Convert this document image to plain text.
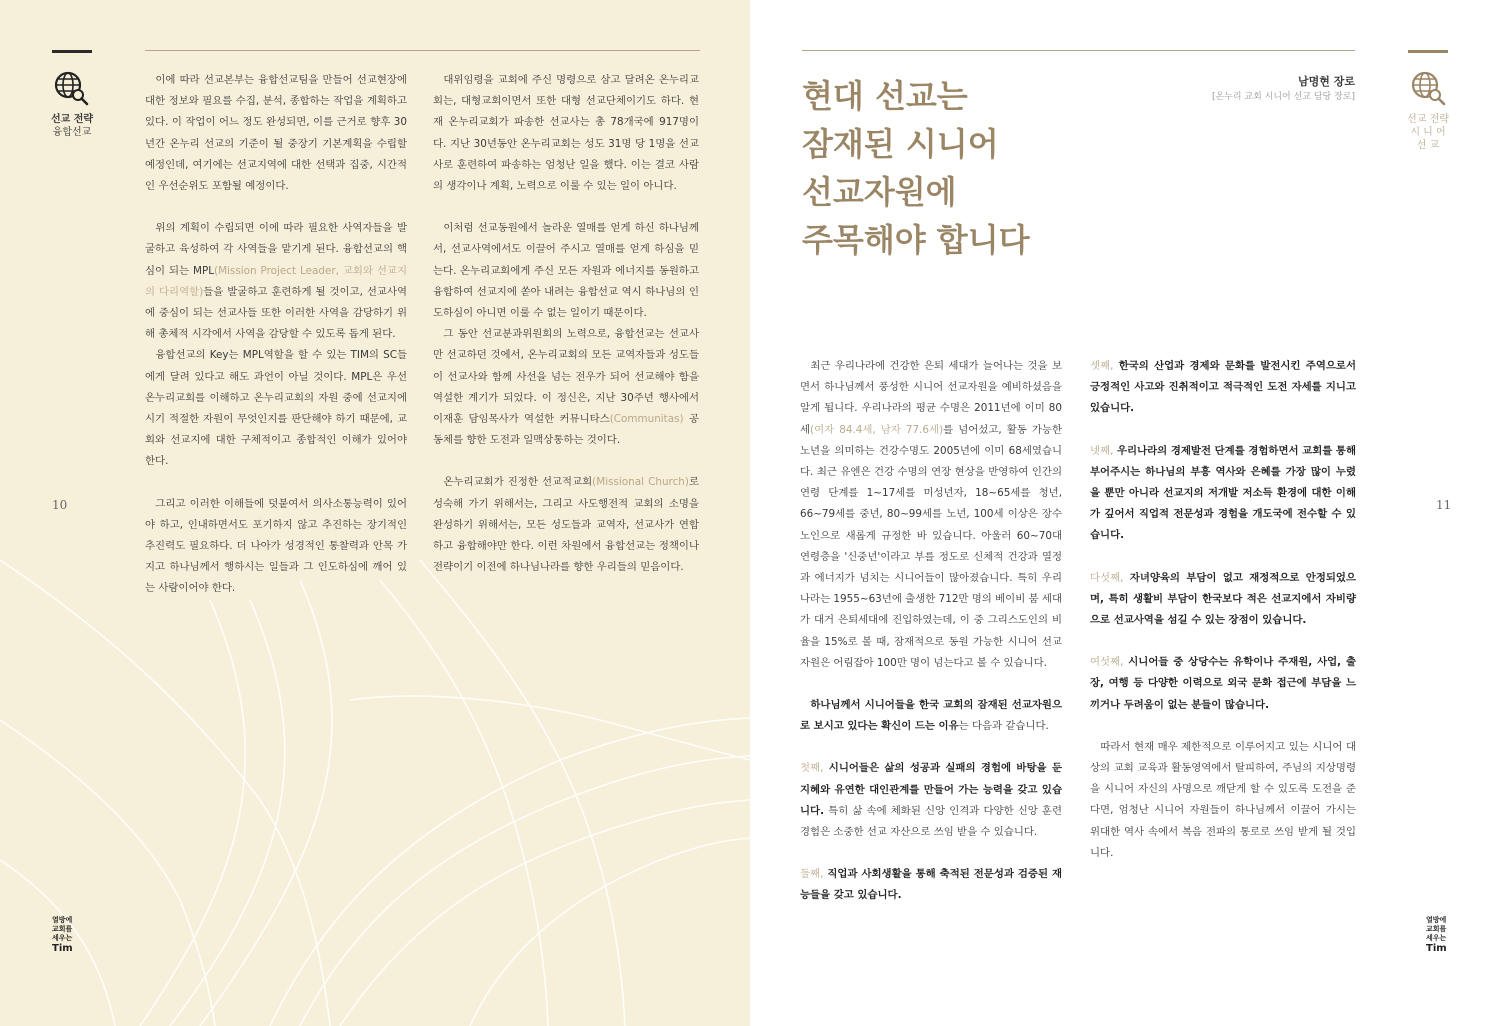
선교 전략
융합선교
10
열방에
교회를
세우는
Tim

이에 따라 선교본부는 융합선교팀을 만들어 선교현장에 대한 정보와 필요를 수집, 분석, 종합하는 작업을 계획하고 있다. 이 작업이 어느 정도 완성되면, 이를 근거로 향후 30년간 온누리 선교의 기준이 될 중장기 기본계획을 수립할 예정인데, 여기에는 선교지역에 대한 선택과 집중, 시간적인 우선순위도 포함될 예정이다.

위의 계획이 수립되면 이에 따라 필요한 사역자들을 발굴하고 육성하여 각 사역들을 맡기게 된다. 융합선교의 핵심이 되는 MPL(Mission Project Leader, 교회와 선교지의 다리역할)들을 발굴하고 훈련하게 될 것이고, 선교사역에 중심이 되는 선교사들 또한 이러한 사역을 감당하기 위해 총체적 시각에서 사역을 감당할 수 있도록 돕게 된다.

융합선교의 Key는 MPL역할을 할 수 있는 TIM의 SC들에게 달려 있다고 해도 과언이 아닐 것이다. MPL은 우선 온누리교회를 이해하고 온누리교회의 자원 중에 선교지에 시기 적절한 자원이 무엇인지를 판단해야 하기 때문에, 교회와 선교지에 대한 구체적이고 종합적인 이해가 있어야 한다.

그리고 이러한 이해들에 덧붙여서 의사소통능력이 있어야 하고, 인내하면서도 포기하지 않고 추진하는 장기적인 추진력도 필요하다. 더 나아가 성경적인 통찰력과 안목 가지고 하나님께서 행하시는 일들과 그 인도하심에 깨어 있는 사람이어야 한다.

대위임령을 교회에 주신 명령으로 삼고 달려온 온누리교회는, 대형교회이면서 또한 대형 선교단체이기도 하다. 현재 온누리교회가 파송한 선교사는 총 78개국에 917명이다. 지난 30년동안 온누리교회는 성도 31명 당 1명을 선교사로 훈련하여 파송하는 엄청난 일을 했다. 이는 결코 사람의 생각이나 계획, 노력으로 이룰 수 있는 일이 아니다.

이처럼 선교동원에서 놀라운 열매를 얻게 하신 하나님께서, 선교사역에서도 이끌어 주시고 열매를 얻게 하심을 믿는다. 온누리교회에게 주신 모든 자원과 에너지를 동원하고 융합하여 선교지에 쏟아 내려는 융합선교 역시 하나님의 인도하심이 아니면 이룰 수 없는 일이기 때문이다.

그 동안 선교분과위원회의 노력으로, 융합선교는 선교사만 선교하던 것에서, 온누리교회의 모든 교역자들과 성도들이 선교사와 함께 사선을 넘는 전우가 되어 선교해야 함을 역설한 계기가 되었다. 이 정신은, 지난 30주년 행사에서 이재훈 담임목사가 역설한 커뮤니타스(Communitas) 공동체를 향한 도전과 일맥상통하는 것이다.

온누리교회가 진정한 선교적교회(Missional Church)로 성숙해 가기 위해서는, 그리고 사도행전적 교회의 소명을 완성하기 위해서는, 모든 성도들과 교역자, 선교사가 연합하고 융합해야만 한다. 이런 차원에서 융합선교는 정책이나 전략이기 이전에 하나님나라를 향한 우리들의 믿음이다.

현대 선교는
잠재된 시니어
선교자원에
주목해야 합니다
남명현 장로
[온누리 교회 시니어 선교 담당 장로]
선교 전략
시 니 어
선 교
11
열방에
교회를
세우는
Tim

최근 우리나라에 건강한 은퇴 세대가 늘어나는 것을 보면서 하나님께서 풍성한 시니어 선교자원을 예비하셨음을 알게 됩니다. 우리나라의 평균 수명은 2011년에 이미 80세(여자 84.4세, 남자 77.6세)를 넘어섰고, 활동 가능한 노년을 의미하는 건강수명도 2005년에 이미 68세였습니다. 최근 유엔은 건강 수명의 연장 현상을 반영하여 인간의 연령 단계를 1~17세를 미성년자, 18~65세를 청년, 66~79세를 중년, 80~99세를 노년, 100세 이상은 장수노인으로 새롭게 규정한 바 있습니다. 아울러 60~70대 연령층을 '신중년'이라고 부를 정도로 신체적 건강과 열정과 에너지가 넘치는 시니어들이 많아졌습니다. 특히 우리나라는 1955~63년에 출생한 712만 명의 베이비 붐 세대가 대거 은퇴세대에 진입하였는데, 이 중 그리스도인의 비율을 15%로 볼 때, 잠재적으로 동원 가능한 시니어 선교자원은 어림잡아 100만 명이 넘는다고 볼 수 있습니다.

하나님께서 시니어들을 한국 교회의 잠재된 선교자원으로 보시고 있다는 확신이 드는 이유는 다음과 같습니다.

첫째, 시니어들은 삶의 성공과 실패의 경험에 바탕을 둔 지혜와 유연한 대인관계를 만들어 가는 능력을 갖고 있습니다. 특히 삶 속에 체화된 신앙 인격과 다양한 신앙 훈련경험은 소중한 선교 자산으로 쓰임 받을 수 있습니다.

둘째, 직업과 사회생활을 통해 축적된 전문성과 검증된 재능들을 갖고 있습니다.

셋째, 한국의 산업과 경제와 문화를 발전시킨 주역으로서 긍정적인 사고와 진취적이고 적극적인 도전 자세를 지니고 있습니다.

넷째, 우리나라의 경제발전 단계를 경험하면서 교회를 통해 부어주시는 하나님의 부흥 역사와 은혜를 가장 많이 누렸을 뿐만 아니라 선교지의 저개발 저소득 환경에 대한 이해가 깊어서 직업적 전문성과 경험을 개도국에 전수할 수 있습니다.

다섯째, 자녀양육의 부담이 없고 재정적으로 안정되었으며, 특히 생활비 부담이 한국보다 적은 선교지에서 자비량으로 선교사역을 섬길 수 있는 장점이 있습니다.

여섯째, 시니어들 중 상당수는 유학이나 주재원, 사업, 출장, 여행 등 다양한 이력으로 외국 문화 접근에 부담을 느끼거나 두려움이 없는 분들이 많습니다.

따라서 현재 매우 제한적으로 이루어지고 있는 시니어 대상의 교회 교육과 활동영역에서 탈피하여, 주님의 지상명령을 시니어 자신의 사명으로 깨닫게 할 수 있도록 도전을 준다면, 엄청난 시니어 자원들이 하나님께서 이끌어 가시는 위대한 역사 속에서 복음 전파의 통로로 쓰임 받게 될 것입니다.
